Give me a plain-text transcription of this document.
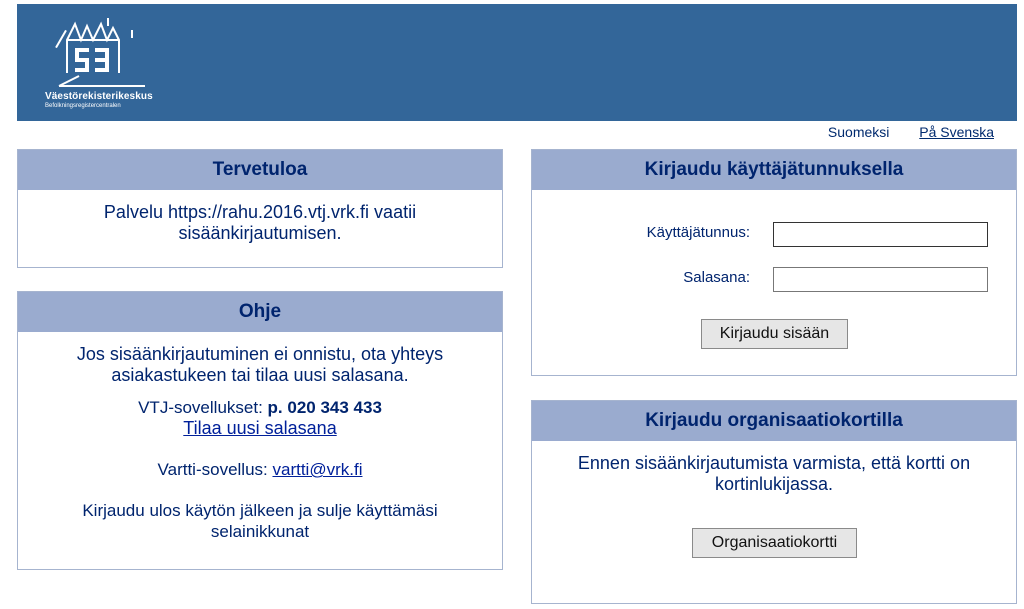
Väestörekisterikeskus
Befolkningsregistercentralen
Suomeksi På Svenska
Tervetuloa
Palvelu https://rahu.2016.vtj.vrk.fi vaatii sisäänkirjautumisen.
Ohje
Jos sisäänkirjautuminen ei onnistu, ota yhteys asiakastukeen tai tilaa uusi salasana.
VTJ-sovellukset: p. 020 343 433
Tilaa uusi salasana
Vartti-sovellus: vartti@vrk.fi
Kirjaudu ulos käytön jälkeen ja sulje käyttämäsi selainikkunat
Kirjaudu käyttäjätunnuksella
Käyttäjätunnus:
Salasana:
Kirjaudu sisään
Kirjaudu organisaatiokortilla
Ennen sisäänkirjautumista varmista, että kortti on kortinlukijassa.
Organisaatiokortti
